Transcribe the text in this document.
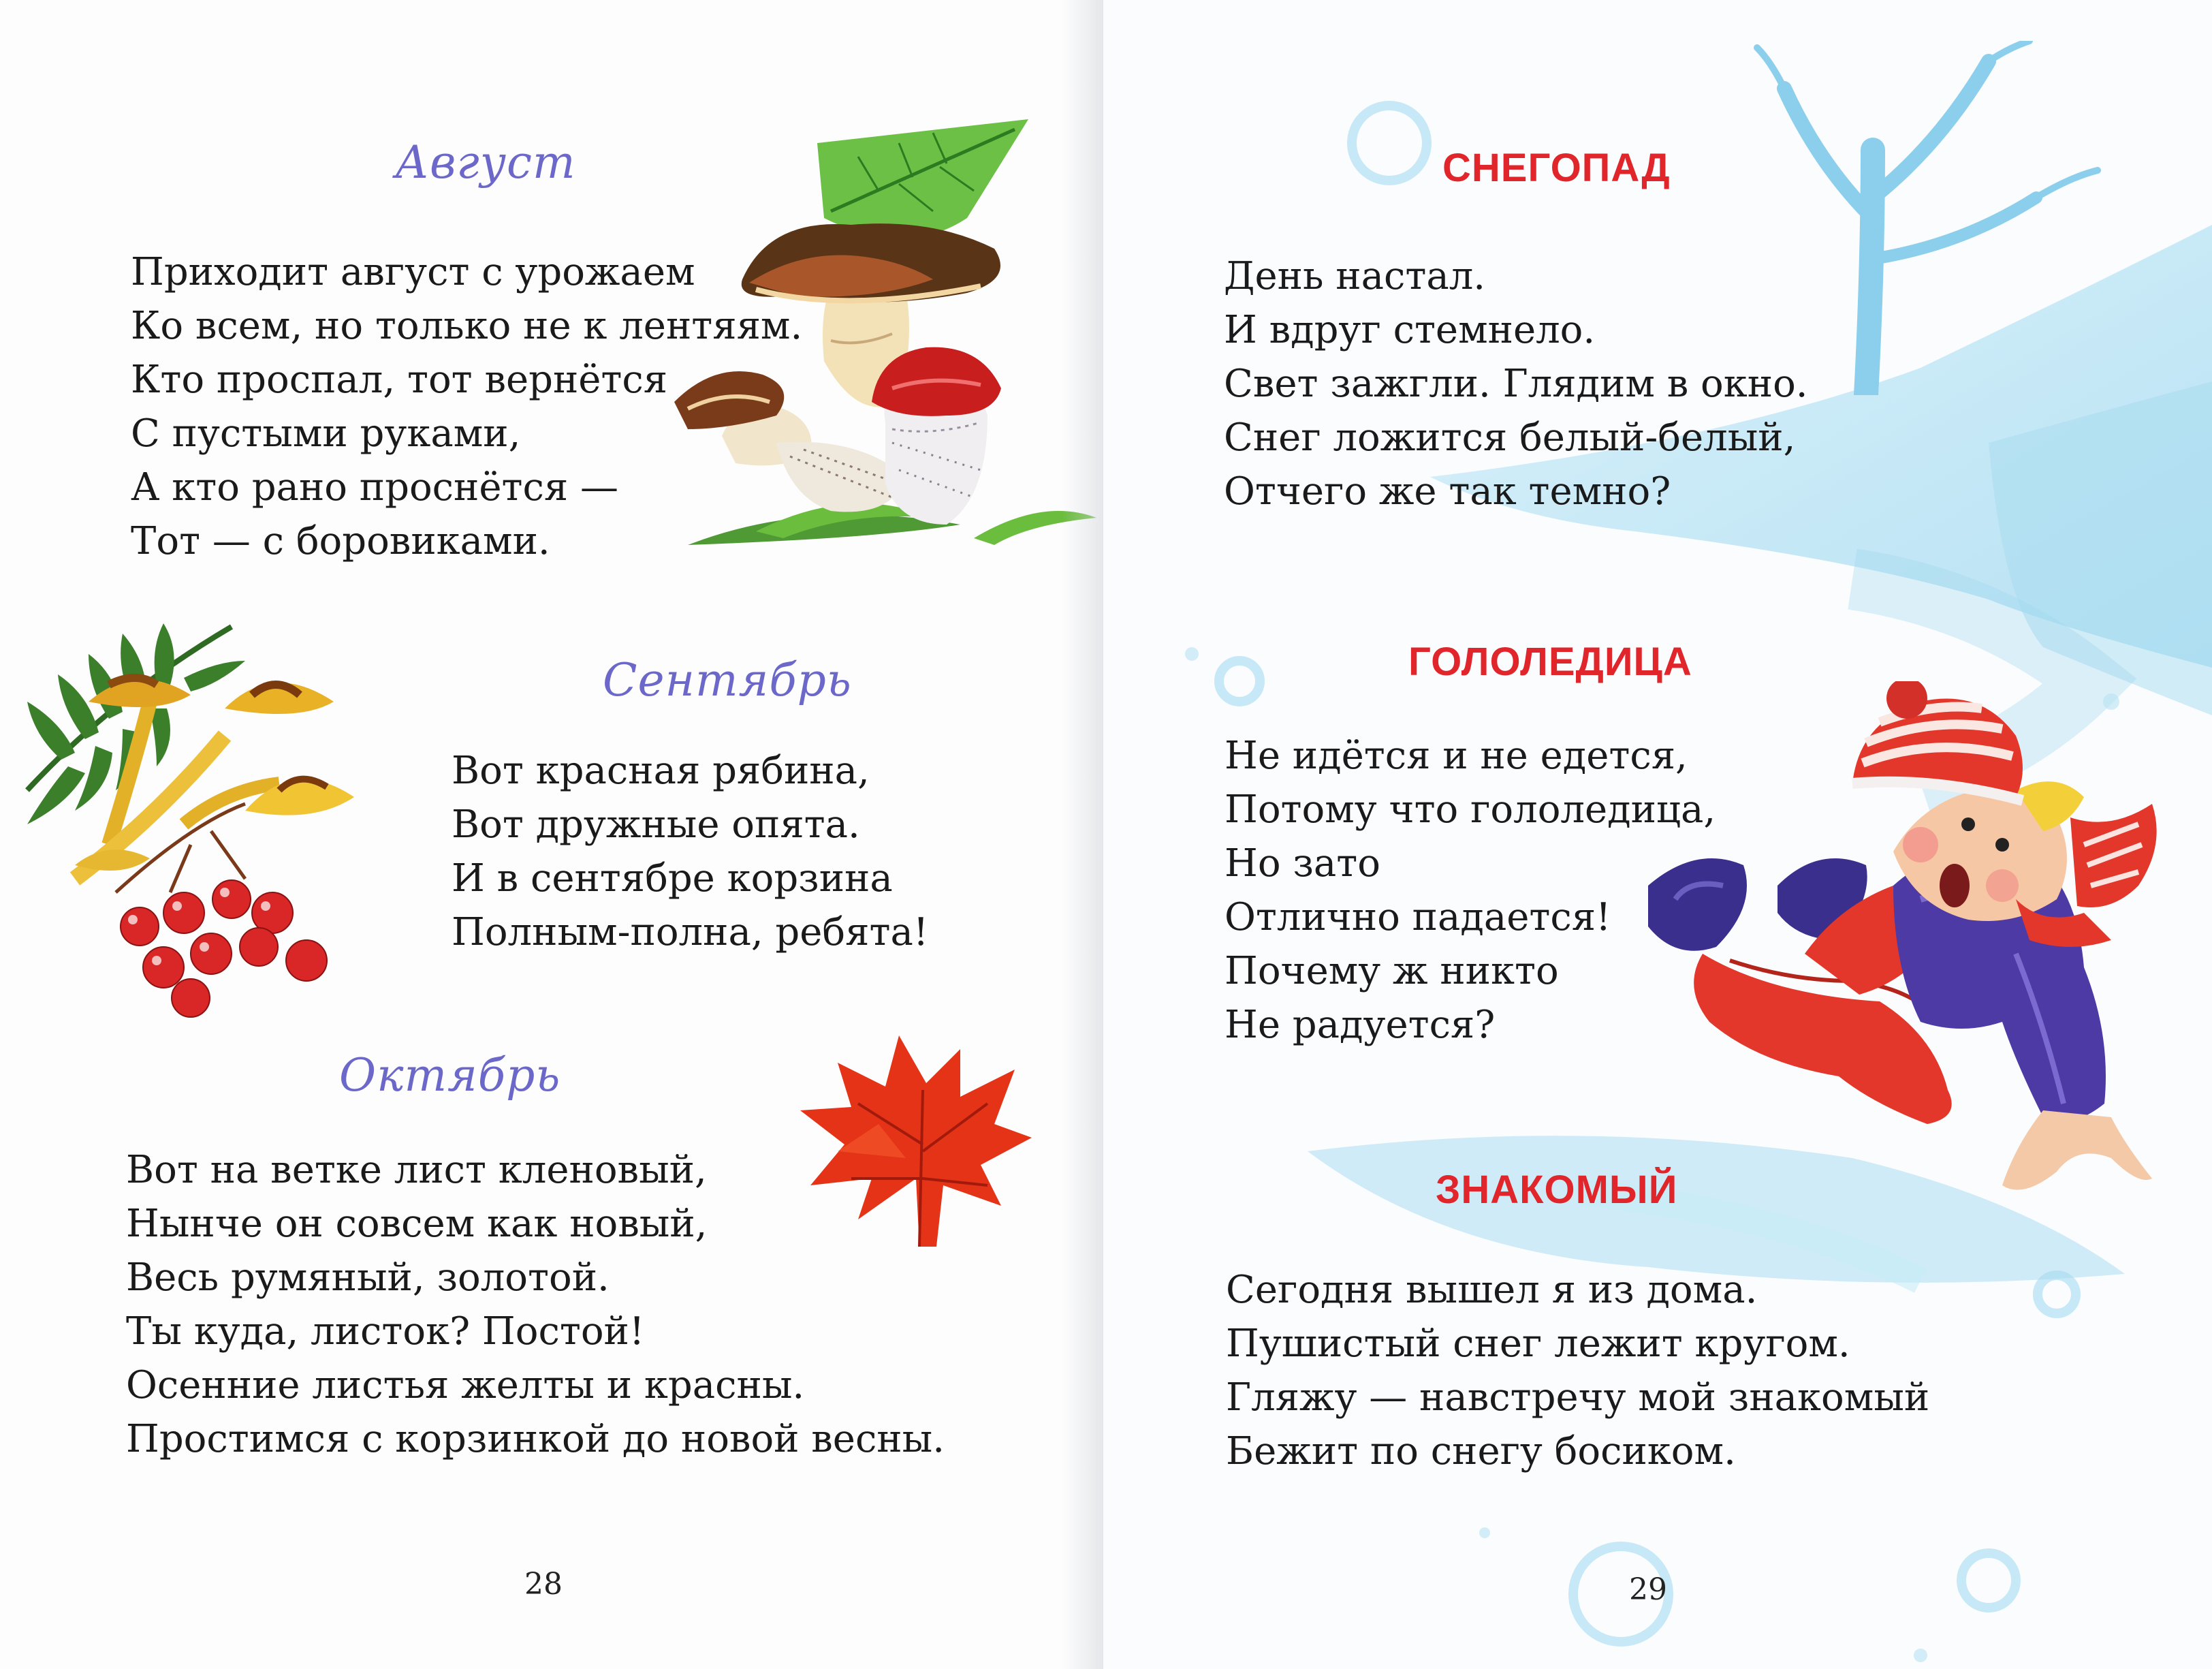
Август
Приходит август с урожаем
Ко всем, но только не к лентяям.
Кто проспал, тот вернётся
С пустыми руками,
А кто рано проснётся —
Тот — с боровиками.
Сентябрь
Вот красная рябина,
Вот дружные опята.
И в сентябре корзина
Полным-полна, ребята!
Октябрь
Вот на ветке лист кленовый,
Нынче он совсем как новый,
Весь румяный, золотой.
Ты куда, листок? Постой!
Осенние листья желты и красны.
Простимся с корзинкой до новой весны.
28
СНЕГОПАД
День настал.
И вдруг стемнело.
Свет зажгли. Глядим в окно.
Снег ложится белый-белый,
Отчего же так темно?
ГОЛОЛЕДИЦА
Не идётся и не едется,
Потому что гололедица,
Но зато
Отлично падается!
Почему ж никто
Не радуется?
ЗНАКОМЫЙ
Сегодня вышел я из дома.
Пушистый снег лежит кругом.
Гляжу — навстречу мой знакомый
Бежит по снегу босиком.
29
